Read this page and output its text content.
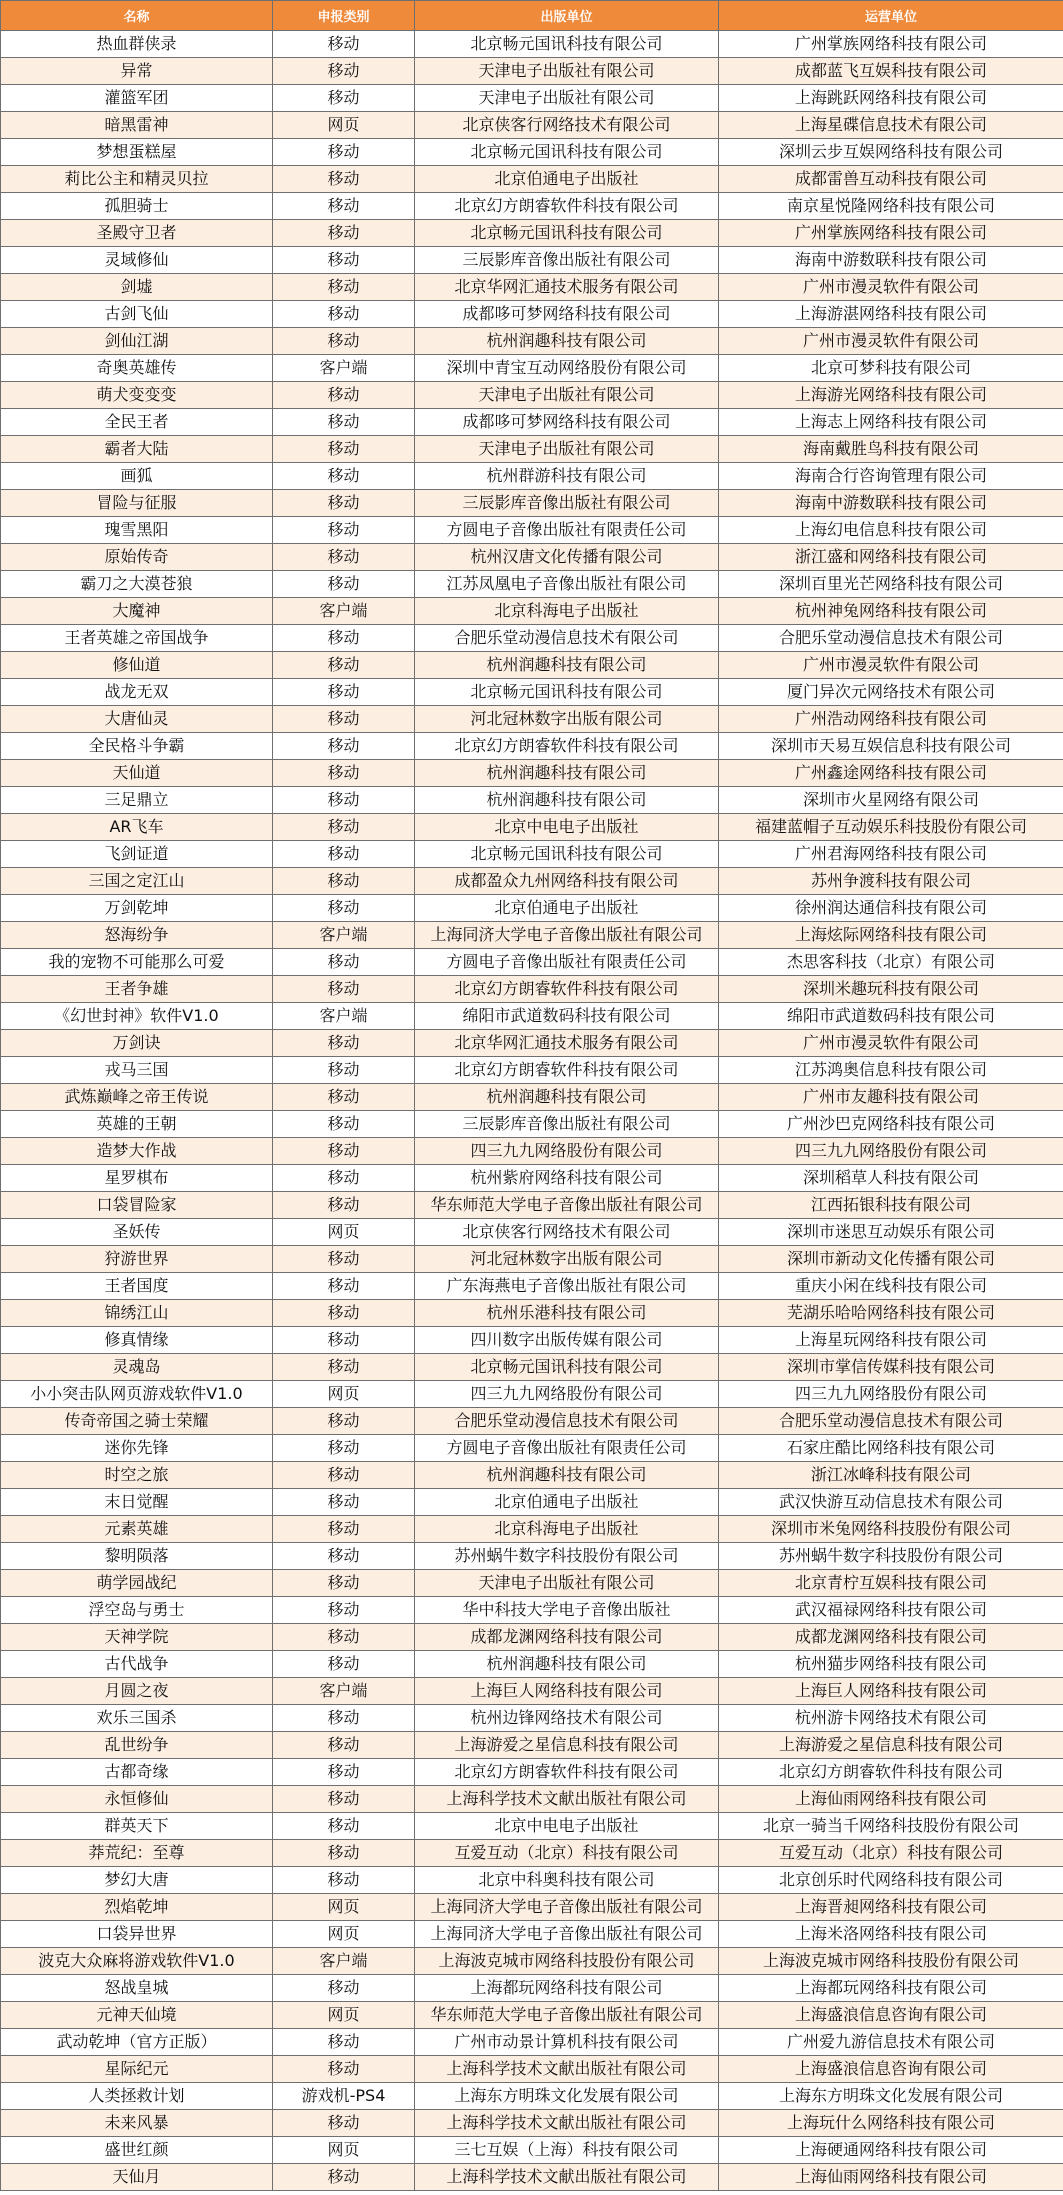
名称	申报类别	出版单位	运营单位
热血群侠录	移动	北京畅元国讯科技有限公司	广州掌族网络科技有限公司
异常	移动	天津电子出版社有限公司	成都蓝飞互娱科技有限公司
灌篮军团	移动	天津电子出版社有限公司	上海跳跃网络科技有限公司
暗黑雷神	网页	北京侠客行网络技术有限公司	上海星碟信息技术有限公司
梦想蛋糕屋	移动	北京畅元国讯科技有限公司	深圳云步互娱网络科技有限公司
莉比公主和精灵贝拉	移动	北京伯通电子出版社	成都雷兽互动科技有限公司
孤胆骑士	移动	北京幻方朗睿软件科技有限公司	南京星悦隆网络科技有限公司
圣殿守卫者	移动	北京畅元国讯科技有限公司	广州掌族网络科技有限公司
灵域修仙	移动	三辰影库音像出版社有限公司	海南中游数联科技有限公司
剑墟	移动	北京华网汇通技术服务有限公司	广州市漫灵软件有限公司
古剑飞仙	移动	成都哆可梦网络科技有限公司	上海游湛网络科技有限公司
剑仙江湖	移动	杭州润趣科技有限公司	广州市漫灵软件有限公司
奇奥英雄传	客户端	深圳中青宝互动网络股份有限公司	北京可梦科技有限公司
萌犬变变变	移动	天津电子出版社有限公司	上海游光网络科技有限公司
全民王者	移动	成都哆可梦网络科技有限公司	上海志上网络科技有限公司
霸者大陆	移动	天津电子出版社有限公司	海南戴胜鸟科技有限公司
画狐	移动	杭州群游科技有限公司	海南合行咨询管理有限公司
冒险与征服	移动	三辰影库音像出版社有限公司	海南中游数联科技有限公司
瑰雪黑阳	移动	方圆电子音像出版社有限责任公司	上海幻电信息科技有限公司
原始传奇	移动	杭州汉唐文化传播有限公司	浙江盛和网络科技有限公司
霸刀之大漠苍狼	移动	江苏凤凰电子音像出版社有限公司	深圳百里光芒网络科技有限公司
大魔神	客户端	北京科海电子出版社	杭州神兔网络科技有限公司
王者英雄之帝国战争	移动	合肥乐堂动漫信息技术有限公司	合肥乐堂动漫信息技术有限公司
修仙道	移动	杭州润趣科技有限公司	广州市漫灵软件有限公司
战龙无双	移动	北京畅元国讯科技有限公司	厦门异次元网络技术有限公司
大唐仙灵	移动	河北冠林数字出版有限公司	广州浩动网络科技有限公司
全民格斗争霸	移动	北京幻方朗睿软件科技有限公司	深圳市天易互娱信息科技有限公司
天仙道	移动	杭州润趣科技有限公司	广州鑫途网络科技有限公司
三足鼎立	移动	杭州润趣科技有限公司	深圳市火星网络有限公司
AR飞车	移动	北京中电电子出版社	福建蓝帽子互动娱乐科技股份有限公司
飞剑证道	移动	北京畅元国讯科技有限公司	广州君海网络科技有限公司
三国之定江山	移动	成都盈众九州网络科技有限公司	苏州争渡科技有限公司
万剑乾坤	移动	北京伯通电子出版社	徐州润达通信科技有限公司
怒海纷争	客户端	上海同济大学电子音像出版社有限公司	上海炫际网络科技有限公司
我的宠物不可能那么可爱	移动	方圆电子音像出版社有限责任公司	杰思客科技（北京）有限公司
王者争雄	移动	北京幻方朗睿软件科技有限公司	深圳米趣玩科技有限公司
《幻世封神》软件V1.0	客户端	绵阳市武道数码科技有限公司	绵阳市武道数码科技有限公司
万剑诀	移动	北京华网汇通技术服务有限公司	广州市漫灵软件有限公司
戎马三国	移动	北京幻方朗睿软件科技有限公司	江苏鸿奥信息科技有限公司
武炼巅峰之帝王传说	移动	杭州润趣科技有限公司	广州市友趣科技有限公司
英雄的王朝	移动	三辰影库音像出版社有限公司	广州沙巴克网络科技有限公司
造梦大作战	移动	四三九九网络股份有限公司	四三九九网络股份有限公司
星罗棋布	移动	杭州紫府网络科技有限公司	深圳稻草人科技有限公司
口袋冒险家	移动	华东师范大学电子音像出版社有限公司	江西拓银科技有限公司
圣妖传	网页	北京侠客行网络技术有限公司	深圳市迷思互动娱乐有限公司
狩游世界	移动	河北冠林数字出版有限公司	深圳市新动文化传播有限公司
王者国度	移动	广东海燕电子音像出版社有限公司	重庆小闲在线科技有限公司
锦绣江山	移动	杭州乐港科技有限公司	芜湖乐哈哈网络科技有限公司
修真情缘	移动	四川数字出版传媒有限公司	上海星玩网络科技有限公司
灵魂岛	移动	北京畅元国讯科技有限公司	深圳市掌信传媒科技有限公司
小小突击队网页游戏软件V1.0	网页	四三九九网络股份有限公司	四三九九网络股份有限公司
传奇帝国之骑士荣耀	移动	合肥乐堂动漫信息技术有限公司	合肥乐堂动漫信息技术有限公司
迷你先锋	移动	方圆电子音像出版社有限责任公司	石家庄酷比网络科技有限公司
时空之旅	移动	杭州润趣科技有限公司	浙江冰峰科技有限公司
末日觉醒	移动	北京伯通电子出版社	武汉快游互动信息技术有限公司
元素英雄	移动	北京科海电子出版社	深圳市米兔网络科技股份有限公司
黎明陨落	移动	苏州蜗牛数字科技股份有限公司	苏州蜗牛数字科技股份有限公司
萌学园战纪	移动	天津电子出版社有限公司	北京青柠互娱科技有限公司
浮空岛与勇士	移动	华中科技大学电子音像出版社	武汉福禄网络科技有限公司
天神学院	移动	成都龙渊网络科技有限公司	成都龙渊网络科技有限公司
古代战争	移动	杭州润趣科技有限公司	杭州猫步网络科技有限公司
月圆之夜	客户端	上海巨人网络科技有限公司	上海巨人网络科技有限公司
欢乐三国杀	移动	杭州边锋网络技术有限公司	杭州游卡网络技术有限公司
乱世纷争	移动	上海游爱之星信息科技有限公司	上海游爱之星信息科技有限公司
古都奇缘	移动	北京幻方朗睿软件科技有限公司	北京幻方朗睿软件科技有限公司
永恒修仙	移动	上海科学技术文献出版社有限公司	上海仙雨网络科技有限公司
群英天下	移动	北京中电电子出版社	北京一骑当千网络科技股份有限公司
莽荒纪：至尊	移动	互爱互动（北京）科技有限公司	互爱互动（北京）科技有限公司
梦幻大唐	移动	北京中科奥科技有限公司	北京创乐时代网络科技有限公司
烈焰乾坤	网页	上海同济大学电子音像出版社有限公司	上海晋昶网络科技有限公司
口袋异世界	网页	上海同济大学电子音像出版社有限公司	上海米洛网络科技有限公司
波克大众麻将游戏软件V1.0	客户端	上海波克城市网络科技股份有限公司	上海波克城市网络科技股份有限公司
怒战皇城	移动	上海都玩网络科技有限公司	上海都玩网络科技有限公司
元神天仙境	网页	华东师范大学电子音像出版社有限公司	上海盛浪信息咨询有限公司
武动乾坤（官方正版）	移动	广州市动景计算机科技有限公司	广州爱九游信息技术有限公司
星际纪元	移动	上海科学技术文献出版社有限公司	上海盛浪信息咨询有限公司
人类拯救计划	游戏机-PS4	上海东方明珠文化发展有限公司	上海东方明珠文化发展有限公司
未来风暴	移动	上海科学技术文献出版社有限公司	上海玩什么网络科技有限公司
盛世红颜	网页	三七互娱（上海）科技有限公司	上海硬通网络科技有限公司
天仙月	移动	上海科学技术文献出版社有限公司	上海仙雨网络科技有限公司
